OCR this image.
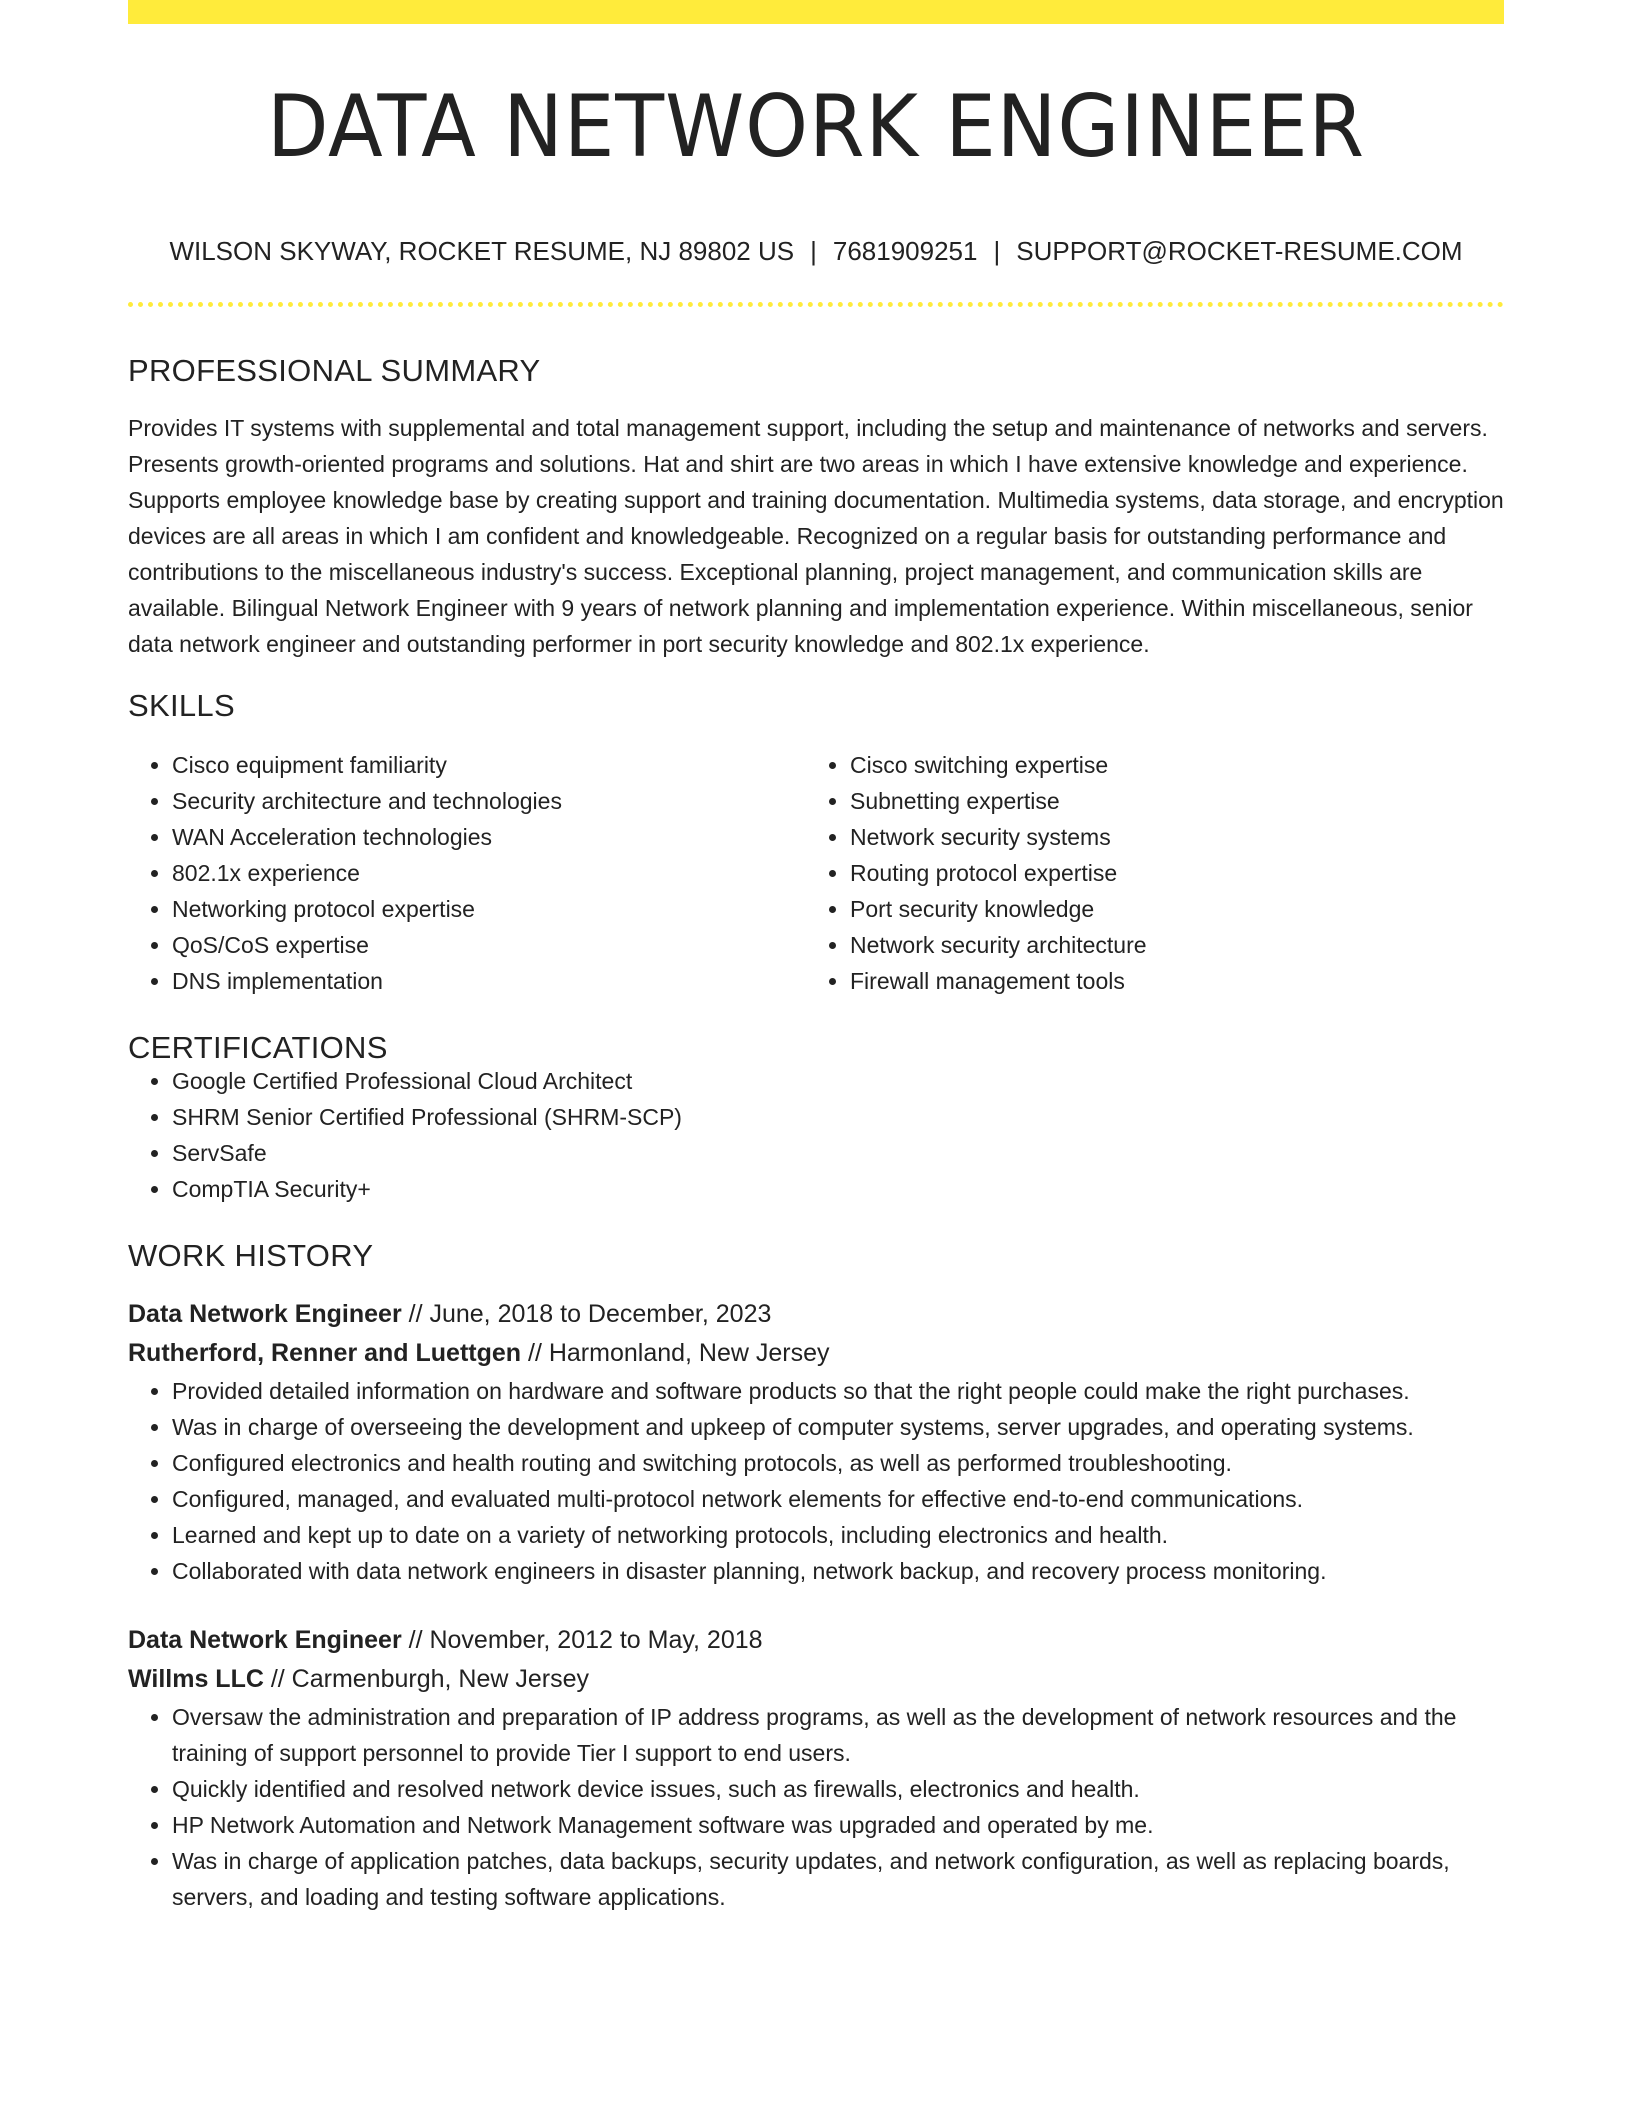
DATA NETWORK ENGINEER
WILSON SKYWAY, ROCKET RESUME, NJ 89802 US | 7681909251 | SUPPORT@ROCKET-RESUME.COM
PROFESSIONAL SUMMARY
Provides IT systems with supplemental and total management support, including the setup and maintenance of networks and servers. Presents growth-oriented programs and solutions. Hat and shirt are two areas in which I have extensive knowledge and experience. Supports employee knowledge base by creating support and training documentation. Multimedia systems, data storage, and encryption devices are all areas in which I am confident and knowledgeable. Recognized on a regular basis for outstanding performance and contributions to the miscellaneous industry's success. Exceptional planning, project management, and communication skills are available. Bilingual Network Engineer with 9 years of network planning and implementation experience. Within miscellaneous, senior data network engineer and outstanding performer in port security knowledge and 802.1x experience.
SKILLS
• Cisco equipment familiarity
• Security architecture and technologies
• WAN Acceleration technologies
• 802.1x experience
• Networking protocol expertise
• QoS/CoS expertise
• DNS implementation
• Cisco switching expertise
• Subnetting expertise
• Network security systems
• Routing protocol expertise
• Port security knowledge
• Network security architecture
• Firewall management tools
CERTIFICATIONS
• Google Certified Professional Cloud Architect
• SHRM Senior Certified Professional (SHRM-SCP)
• ServSafe
• CompTIA Security+
WORK HISTORY
Data Network Engineer // June, 2018 to December, 2023
Rutherford, Renner and Luettgen // Harmonland, New Jersey
• Provided detailed information on hardware and software products so that the right people could make the right purchases.
• Was in charge of overseeing the development and upkeep of computer systems, server upgrades, and operating systems.
• Configured electronics and health routing and switching protocols, as well as performed troubleshooting.
• Configured, managed, and evaluated multi-protocol network elements for effective end-to-end communications.
• Learned and kept up to date on a variety of networking protocols, including electronics and health.
• Collaborated with data network engineers in disaster planning, network backup, and recovery process monitoring.
Data Network Engineer // November, 2012 to May, 2018
Willms LLC // Carmenburgh, New Jersey
• Oversaw the administration and preparation of IP address programs, as well as the development of network resources and the training of support personnel to provide Tier I support to end users.
• Quickly identified and resolved network device issues, such as firewalls, electronics and health.
• HP Network Automation and Network Management software was upgraded and operated by me.
• Was in charge of application patches, data backups, security updates, and network configuration, as well as replacing boards, servers, and loading and testing software applications.
